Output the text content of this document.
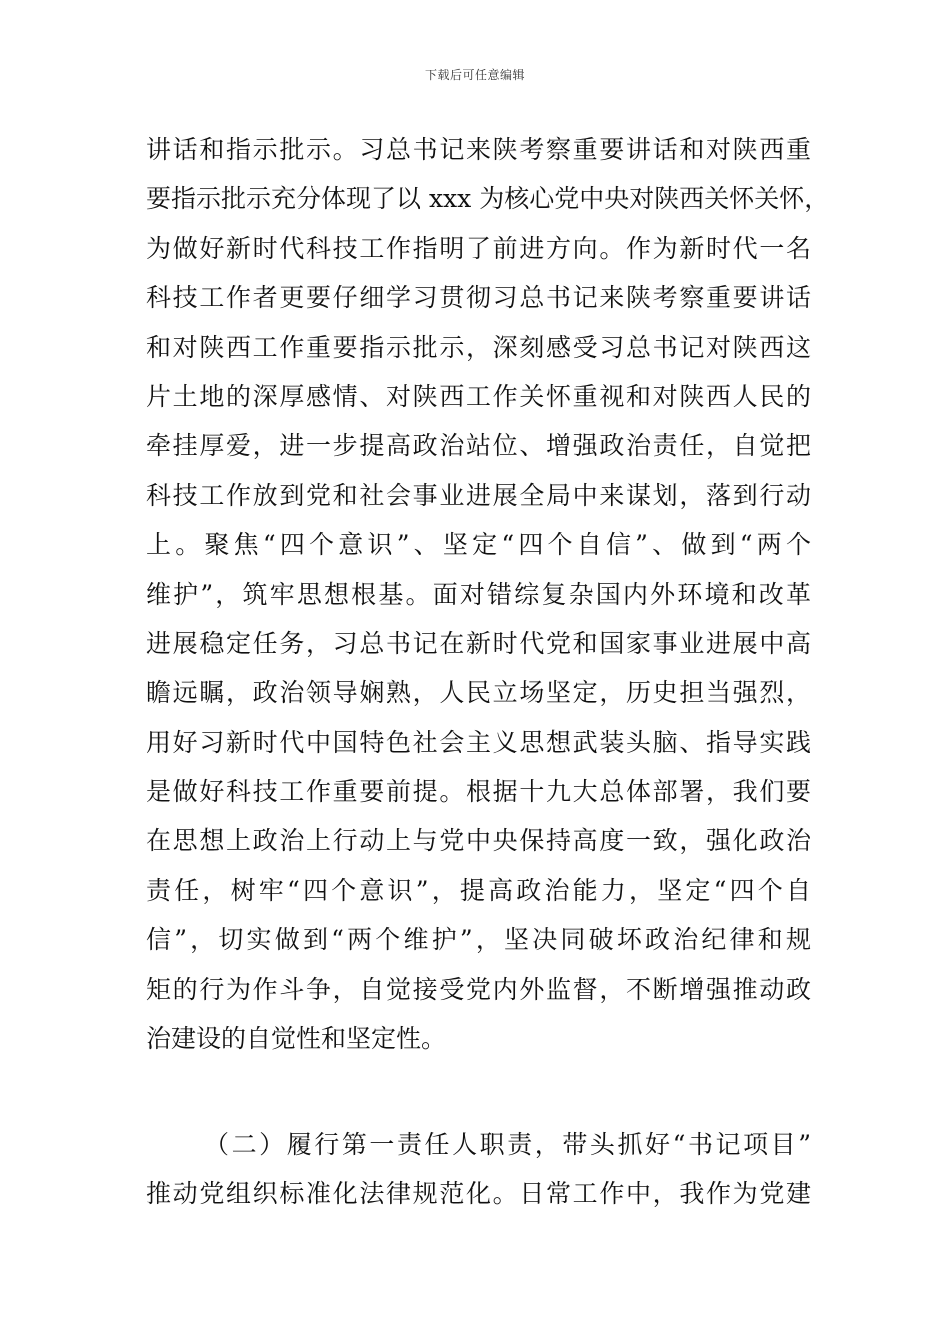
下载后可任意编辑
讲话和指示批示。习总书记来陕考察重要讲话和对陕西重
要指示批示充分体现了以 xxx 为核心党中央对陕西关怀关怀，
为做好新时代科技工作指明了前进方向。作为新时代一名
科技工作者更要仔细学习贯彻习总书记来陕考察重要讲话
和对陕西工作重要指示批示，深刻感受习总书记对陕西这
片土地的深厚感情、对陕西工作关怀重视和对陕西人民的
牵挂厚爱，进一步提高政治站位、增强政治责任，自觉把
科技工作放到党和社会事业进展全局中来谋划，落到行动
上。聚焦“四个意识”、坚定“四个自信”、做到“两个
维护”，筑牢思想根基。面对错综复杂国内外环境和改革
进展稳定任务，习总书记在新时代党和国家事业进展中高
瞻远瞩，政治领导娴熟，人民立场坚定，历史担当强烈，
用好习新时代中国特色社会主义思想武装头脑、指导实践
是做好科技工作重要前提。根据十九大总体部署，我们要
在思想上政治上行动上与党中央保持高度一致，强化政治
责任，树牢“四个意识”，提高政治能力，坚定“四个自
信”，切实做到“两个维护”，坚决同破坏政治纪律和规
矩的行为作斗争，自觉接受党内外监督，不断增强推动政
治建设的自觉性和坚定性。
（二）履行第一责任人职责，带头抓好“书记项目”
推动党组织标准化法律规范化。日常工作中，我作为党建
